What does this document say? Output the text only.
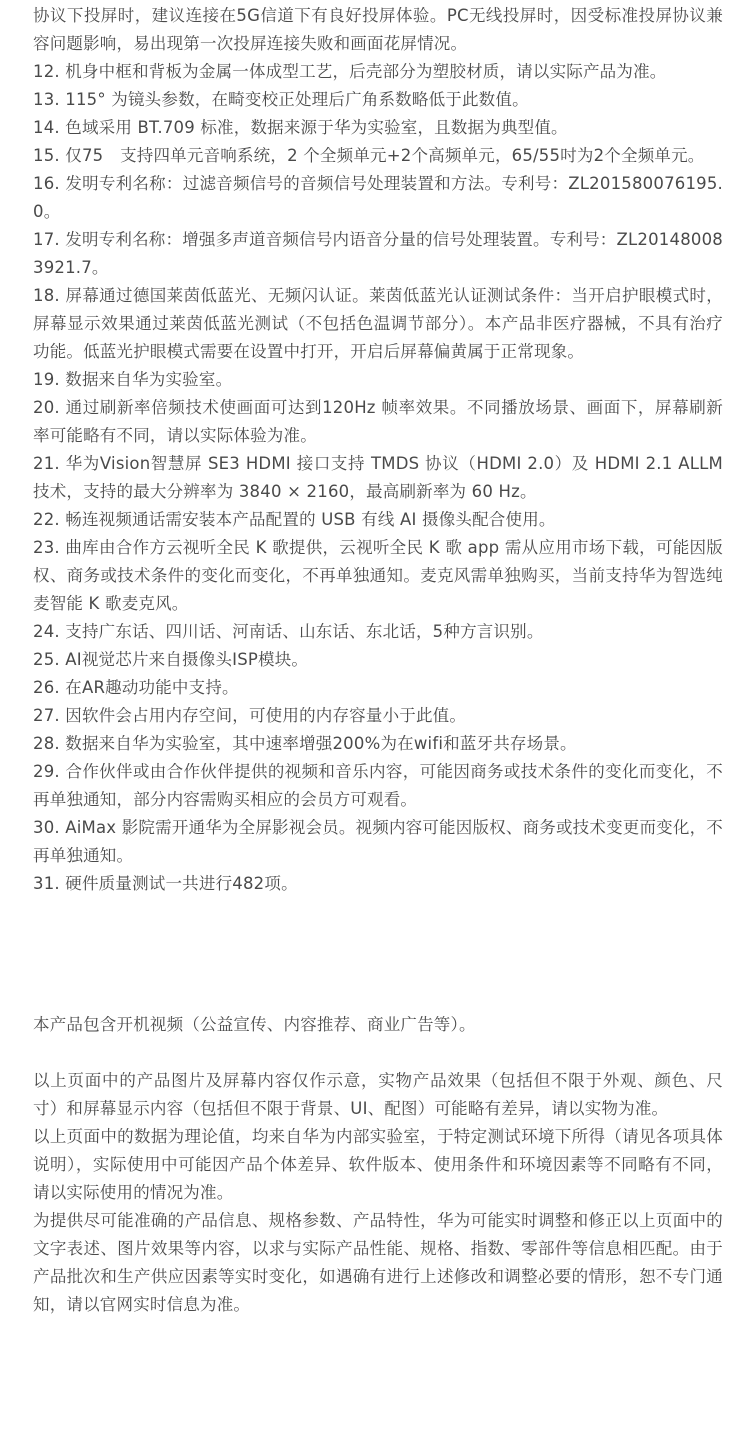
协议下投屏时，建议连接在5G信道下有良好投屏体验。PC无线投屏时，因受标准投屏协议兼容问题影响，易出现第一次投屏连接失败和画面花屏情况。

12. 机身中框和背板为金属一体成型工艺，后壳部分为塑胶材质，请以实际产品为准。

13. 115° 为镜头参数，在畸变校正处理后广角系数略低于此数值。

14. 色域采用 BT.709 标准，数据来源于华为实验室，且数据为典型值。

15. 仅75　支持四单元音响系统，2 个全频单元+2个高频单元，65/55吋为2个全频单元。

16. 发明专利名称：过滤音频信号的音频信号处理装置和方法。专利号：ZL201580076195.0。

17. 发明专利名称：增强多声道音频信号内语音分量的信号处理装置。专利号：ZL201480083921.7。

18. 屏幕通过德国莱茵低蓝光、无频闪认证。莱茵低蓝光认证测试条件：当开启护眼模式时，屏幕显示效果通过莱茵低蓝光测试（不包括色温调节部分）。本产品非医疗器械，不具有治疗功能。低蓝光护眼模式需要在设置中打开，开启后屏幕偏黄属于正常现象。

19. 数据来自华为实验室。

20. 通过刷新率倍频技术使画面可达到120Hz 帧率效果。不同播放场景、画面下，屏幕刷新率可能略有不同，请以实际体验为准。

21. 华为Vision智慧屏 SE3 HDMI 接口支持 TMDS 协议（HDMI 2.0）及 HDMI 2.1 ALLM技术，支持的最大分辨率为 3840 × 2160，最高刷新率为 60 Hz。

22. 畅连视频通话需安装本产品配置的 USB 有线 AI 摄像头配合使用。

23. 曲库由合作方云视听全民 K 歌提供，云视听全民 K 歌 app 需从应用市场下载，可能因版权、商务或技术条件的变化而变化，不再单独通知。麦克风需单独购买，当前支持华为智选纯麦智能 K 歌麦克风。

24. 支持广东话、四川话、河南话、山东话、东北话，5种方言识别。

25. AI视觉芯片来自摄像头ISP模块。

26. 在AR趣动功能中支持。

27. 因软件会占用内存空间，可使用的内存容量小于此值。

28. 数据来自华为实验室，其中速率增强200%为在wifi和蓝牙共存场景。

29. 合作伙伴或由合作伙伴提供的视频和音乐内容，可能因商务或技术条件的变化而变化，不再单独通知，部分内容需购买相应的会员方可观看。

30. AiMax 影院需开通华为全屏影视会员。视频内容可能因版权、商务或技术变更而变化，不再单独通知。

31. 硬件质量测试一共进行482项。

本产品包含开机视频（公益宣传、内容推荐、商业广告等）。

以上页面中的产品图片及屏幕内容仅作示意，实物产品效果（包括但不限于外观、颜色、尺寸）和屏幕显示内容（包括但不限于背景、UI、配图）可能略有差异，请以实物为准。

以上页面中的数据为理论值，均来自华为内部实验室，于特定测试环境下所得（请见各项具体说明），实际使用中可能因产品个体差异、软件版本、使用条件和环境因素等不同略有不同，请以实际使用的情况为准。

为提供尽可能准确的产品信息、规格参数、产品特性，华为可能实时调整和修正以上页面中的文字表述、图片效果等内容，以求与实际产品性能、规格、指数、零部件等信息相匹配。由于产品批次和生产供应因素等实时变化，如遇确有进行上述修改和调整必要的情形，恕不专门通知，请以官网实时信息为准。
